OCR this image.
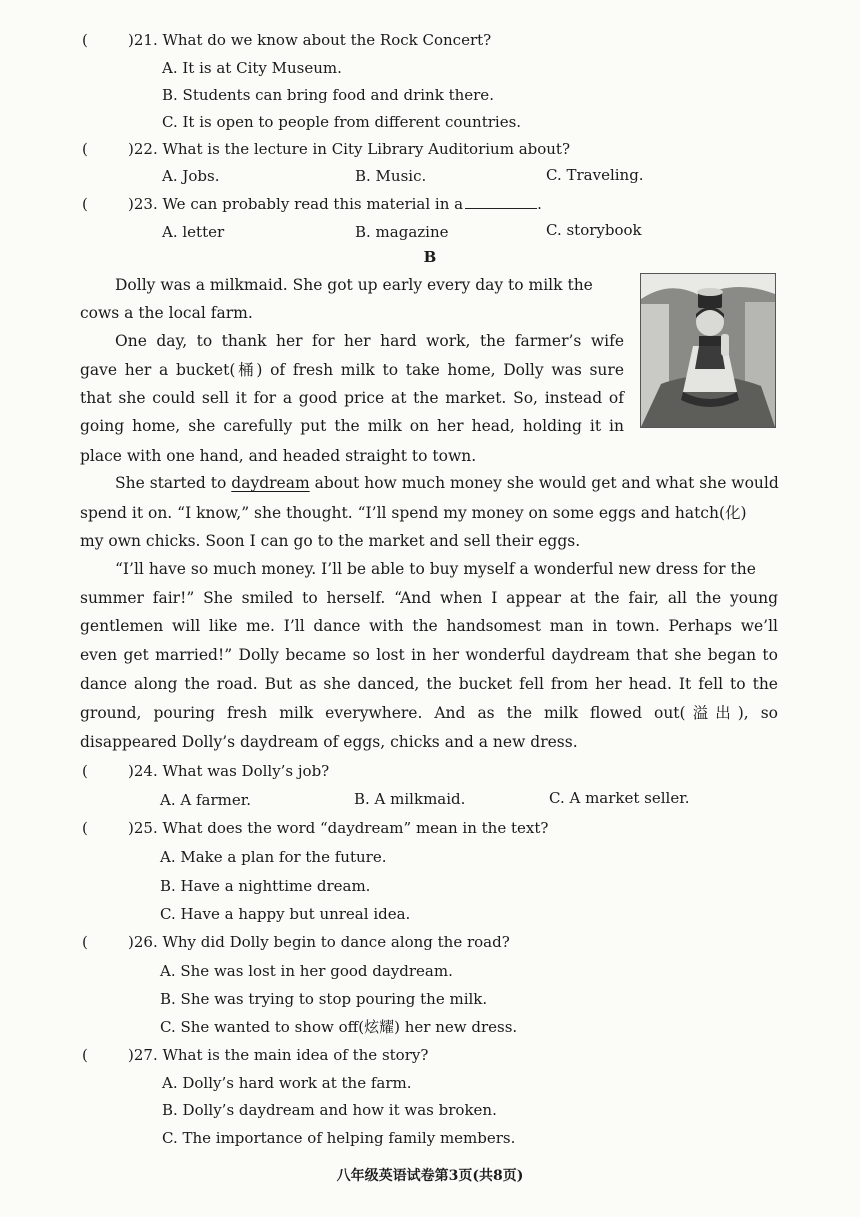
(	)21. What do we know about the Rock Concert?
A. It is at City Museum.
B. Students can bring food and drink there.
C. It is open to people from different countries.
(	)22. What is the lecture in City Library Auditorium about?
A. Jobs.	B. Music.	C. Traveling.
(	)23. We can probably read this material in a	.
A. letter	B. magazine	C. storybook
B
Dolly was a milkmaid. She got up early every day to milk the
cows a the local farm.
One day, to thank her for her hard work, the farmer’s wife
gave her a bucket(桶) of fresh milk to take home, Dolly was sure
that she could sell it for a good price at the market. So, instead of
going home, she carefully put the milk on her head, holding it in
place with one hand, and headed straight to town.
She started to daydream about how much money she would get and what she would
spend it on. “I know,” she thought. “I’ll spend my money on some eggs and hatch(化)
my own chicks. Soon I can go to the market and sell their eggs.
“I’ll have so much money. I’ll be able to buy myself a wonderful new dress for the
summer fair!” She smiled to herself. “And when I appear at the fair, all the young
gentlemen will like me. I’ll dance with the handsomest man in town. Perhaps we’ll
even get married!” Dolly became so lost in her wonderful daydream that she began to
dance along the road. But as she danced, the bucket fell from her head. It fell to the
ground, pouring fresh milk everywhere. And as the milk flowed out(溢出), so
disappeared Dolly’s daydream of eggs, chicks and a new dress.
(	)24. What was Dolly’s job?
A. A farmer.	B. A milkmaid.	C. A market seller.
(	)25. What does the word “daydream” mean in the text?
A. Make a plan for the future.
B. Have a nighttime dream.
C. Have a happy but unreal idea.
(	)26. Why did Dolly begin to dance along the road?
A. She was lost in her good daydream.
B. She was trying to stop pouring the milk.
C. She wanted to show off(炫耀) her new dress.
(	)27. What is the main idea of the story?
A. Dolly’s hard work at the farm.
B. Dolly’s daydream and how it was broken.
C. The importance of helping family members.
八年级英语试卷第3页(共8页)
